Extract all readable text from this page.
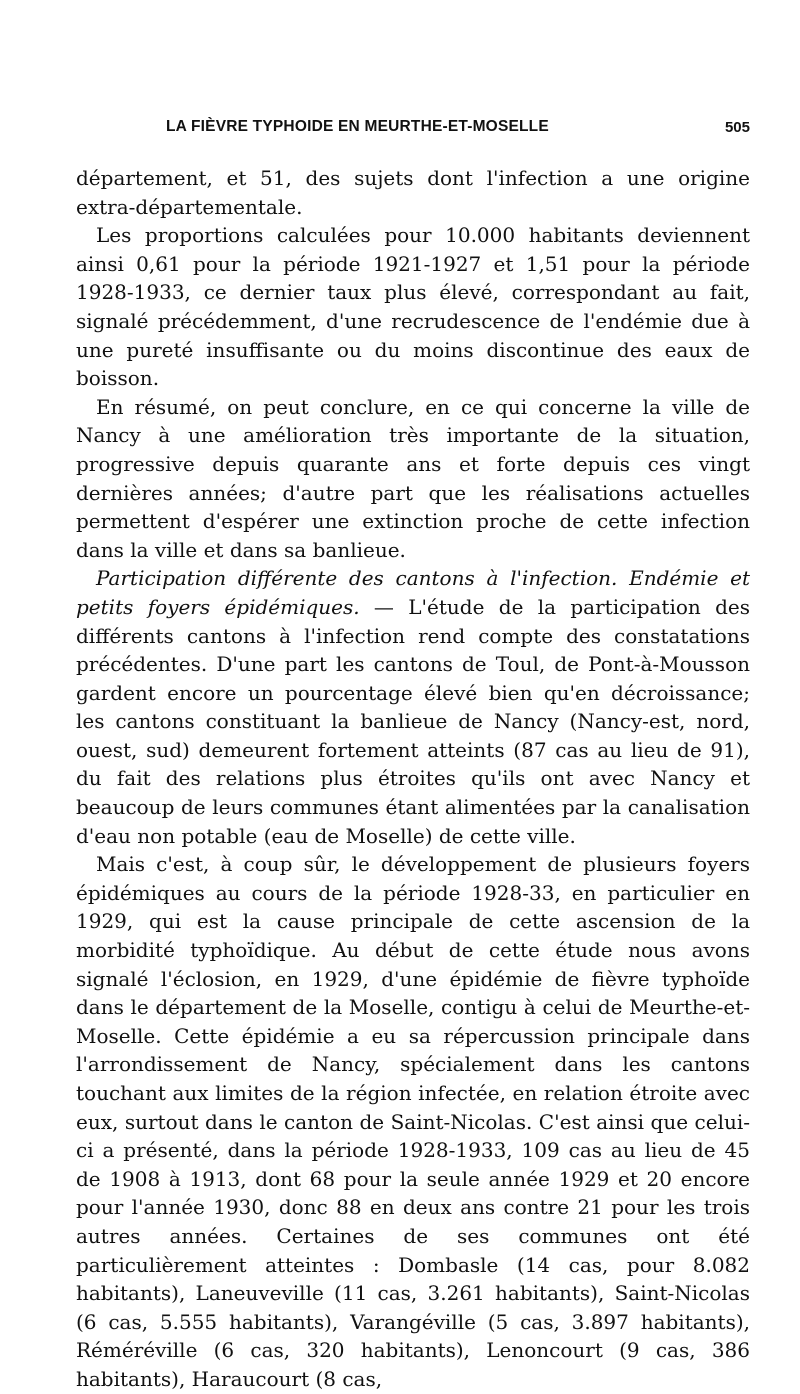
LA FIÈVRE TYPHOIDE EN MEURTHE-ET-MOSELLE	505

département, et 51, des sujets dont l'infection a une origine extra-départementale.

Les proportions calculées pour 10.000 habitants deviennent ainsi 0,61 pour la période 1921-1927 et 1,51 pour la période 1928-1933, ce dernier taux plus élevé, correspondant au fait, signalé précédemment, d'une recrudescence de l'endémie due à une pureté insuffisante ou du moins discontinue des eaux de boisson.

En résumé, on peut conclure, en ce qui concerne la ville de Nancy à une amélioration très importante de la situation, progressive depuis quarante ans et forte depuis ces vingt dernières années; d'autre part que les réalisations actuelles permettent d'espérer une extinction proche de cette infection dans la ville et dans sa banlieue.

Participation différente des cantons à l'infection. Endémie et petits foyers épidémiques. — L'étude de la participation des différents cantons à l'infection rend compte des constatations précédentes. D'une part les cantons de Toul, de Pont-à-Mousson gardent encore un pourcentage élevé bien qu'en décroissance; les cantons constituant la banlieue de Nancy (Nancy-est, nord, ouest, sud) demeurent fortement atteints (87 cas au lieu de 91), du fait des relations plus étroites qu'ils ont avec Nancy et beaucoup de leurs communes étant alimentées par la canalisation d'eau non potable (eau de Moselle) de cette ville.

Mais c'est, à coup sûr, le développement de plusieurs foyers épidémiques au cours de la période 1928-33, en particulier en 1929, qui est la cause principale de cette ascension de la morbidité typhoïdique. Au début de cette étude nous avons signalé l'éclosion, en 1929, d'une épidémie de fièvre typhoïde dans le département de la Moselle, contigu à celui de Meurthe-et-Moselle. Cette épidémie a eu sa répercussion principale dans l'arrondissement de Nancy, spécialement dans les cantons touchant aux limites de la région infectée, en relation étroite avec eux, surtout dans le canton de Saint-Nicolas. C'est ainsi que celui-ci a présenté, dans la période 1928-1933, 109 cas au lieu de 45 de 1908 à 1913, dont 68 pour la seule année 1929 et 20 encore pour l'année 1930, donc 88 en deux ans contre 21 pour les trois autres années. Certaines de ses communes ont été particulièrement atteintes : Dombasle (14 cas, pour 8.082 habitants), Laneuveville (11 cas, 3.261 habitants), Saint-Nicolas (6 cas, 5.555 habitants), Varangéville (5 cas, 3.897 habitants), Réméréville (6 cas, 320 habitants), Lenoncourt (9 cas, 386 habitants), Haraucourt (8 cas,
